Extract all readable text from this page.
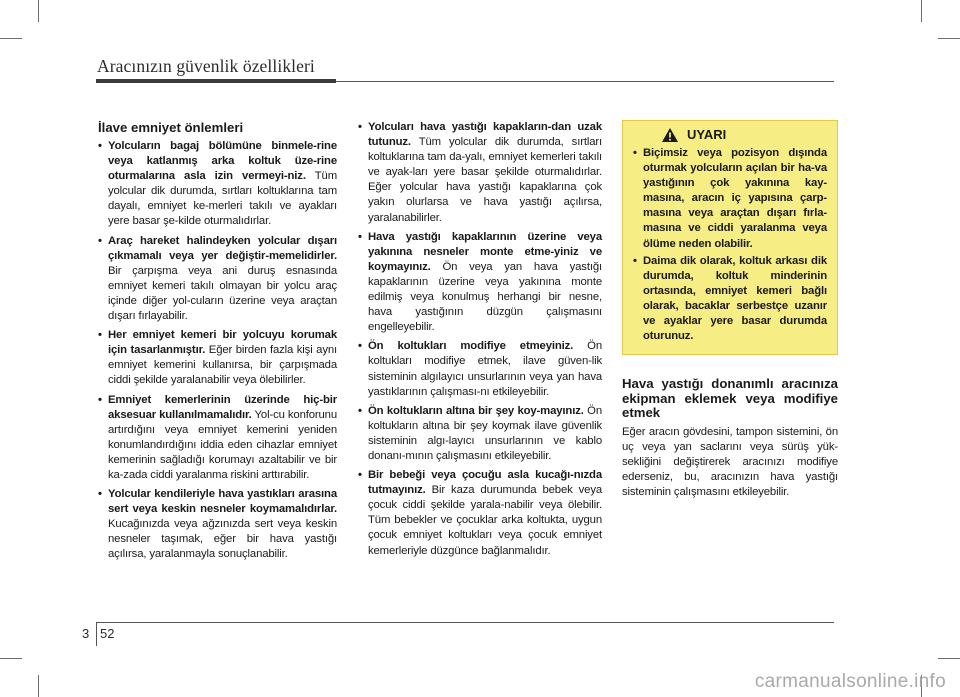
Aracınızın güvenlik özellikleri
İlave emniyet önlemleri
• Yolcuların bagaj bölümüne binmele-rine veya katlanmış arka koltuk üze-rine oturmalarına asla izin vermeyi-niz. Tüm yolcular dik durumda, sırtları koltuklarına tam dayalı, emniyet ke-merleri takılı ve ayakları yere basar şe-kilde oturmalıdırlar.
• Araç hareket halindeyken yolcular dışarı çıkmamalı veya yer değiştir-memelidirler. Bir çarpışma veya ani duruş esnasında emniyet kemeri takılı olmayan bir yolcu araç içinde diğer yol-cuların üzerine veya araçtan dışarı fırlayabilir.
• Her emniyet kemeri bir yolcuyu korumak için tasarlanmıştır. Eğer birden fazla kişi aynı emniyet kemerini kullanırsa, bir çarpışmada ciddi şekilde yaralanabilir veya ölebilirler.
• Emniyet kemerlerinin üzerinde hiç-bir aksesuar kullanılmamalıdır. Yol-cu konforunu artırdığını veya emniyet kemerini yeniden konumlandırdığını iddia eden cihazlar emniyet kemerinin sağladığı korumayı azaltabilir ve bir ka-zada ciddi yaralanma riskini arttırabilir.
• Yolcular kendileriyle hava yastıkları arasına sert veya keskin nesneler koymamalıdırlar. Kucağınızda veya ağzınızda sert veya keskin nesneler taşımak, eğer bir hava yastığı açılırsa, yaralanmayla sonuçlanabilir.
• Yolcuları hava yastığı kapakların-dan uzak tutunuz. Tüm yolcular dik durumda, sırtları koltuklarına tam da-yalı, emniyet kemerleri takılı ve ayak-ları yere basar şekilde oturmalıdırlar. Eğer yolcular hava yastığı kapaklarına çok yakın olurlarsa ve hava yastığı açılırsa, yaralanabilirler.
• Hava yastığı kapaklarının üzerine veya yakınına nesneler monte etme-yiniz ve koymayınız. Ön veya yan hava yastığı kapaklarının üzerine veya yakınına monte edilmiş veya konulmuş herhangi bir nesne, hava yastığının düzgün çalışmasını engelleyebilir.
• Ön koltukları modifiye etmeyiniz. Ön koltukları modifiye etmek, ilave güven-lik sisteminin algılayıcı unsurlarının veya yan hava yastıklarının çalışması-nı etkileyebilir.
• Ön koltukların altına bir şey koy-mayınız. Ön koltukların altına bir şey koymak ilave güvenlik sisteminin algı-layıcı unsurlarının ve kablo donanı-mının çalışmasını etkileyebilir.
• Bir bebeği veya çocuğu asla kucağı-nızda tutmayınız. Bir kaza durumunda bebek veya çocuk ciddi şekilde yarala-nabilir veya ölebilir. Tüm bebekler ve çocuklar arka koltukta, uygun çocuk emniyet koltukları veya çocuk emniyet kemerleriyle düzgünce bağlanmalıdır.
UYARI
• Biçimsiz veya pozisyon dışında oturmak yolcuların açılan bir ha-va yastığının çok yakınına kay-masına, aracın iç yapısına çarp-masına veya araçtan dışarı fırla-masına ve ciddi yaralanma veya ölüme neden olabilir.
• Daima dik olarak, koltuk arkası dik durumda, koltuk minderinin ortasında, emniyet kemeri bağlı olarak, bacaklar serbestçe uzanır ve ayaklar yere basar durumda oturunuz.
Hava yastığı donanımlı aracınıza ekipman eklemek veya modifiye etmek

Eğer aracın gövdesini, tampon sistemini, ön uç veya yan saclarını veya sürüş yük-sekliğini değiştirerek aracınızı modifiye ederseniz, bu, aracınızın hava yastığı sisteminin çalışmasını etkileyebilir.

3 52
carmanualsonline.info
